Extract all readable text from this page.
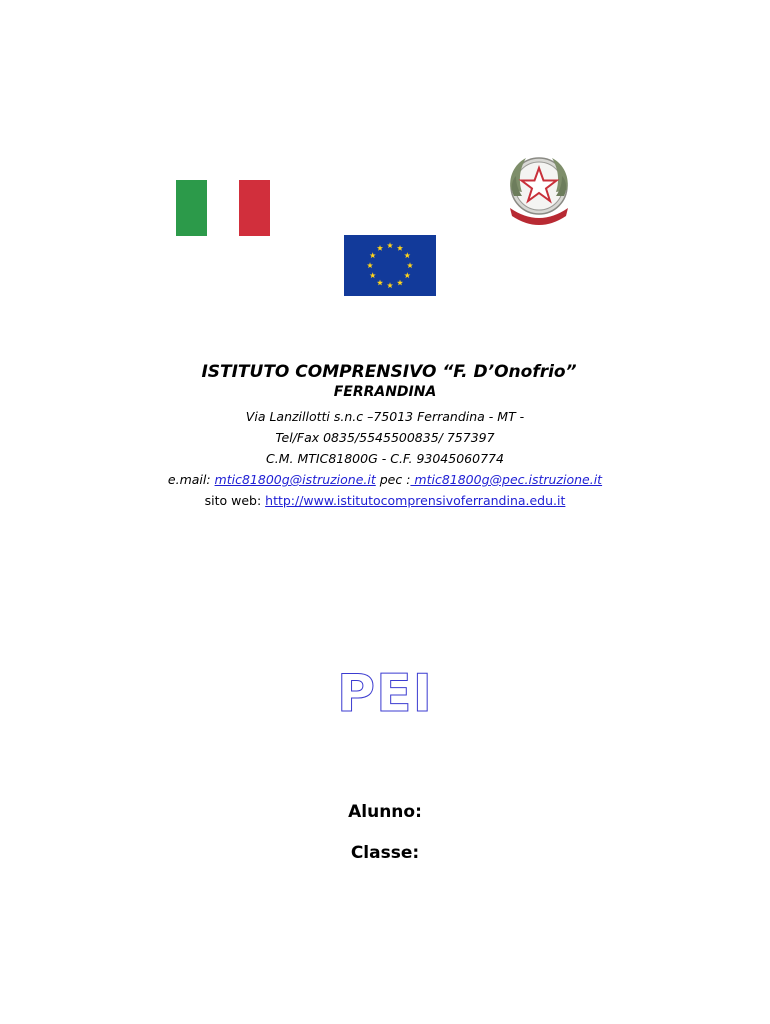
ISTITUTO COMPRENSIVO “F. D’Onofrio”

FERRANDINA

Via Lanzillotti s.n.c –75013 Ferrandina - MT -

Tel/Fax 0835/5545500835/ 757397

C.M. MTIC81800G - C.F. 93045060774

e.mail: mtic81800g@istruzione.it pec : mtic81800g@pec.istruzione.it

sito web: http://www.istitutocomprensivoferrandina.edu.it

PEI
Alunno:
Classe:
